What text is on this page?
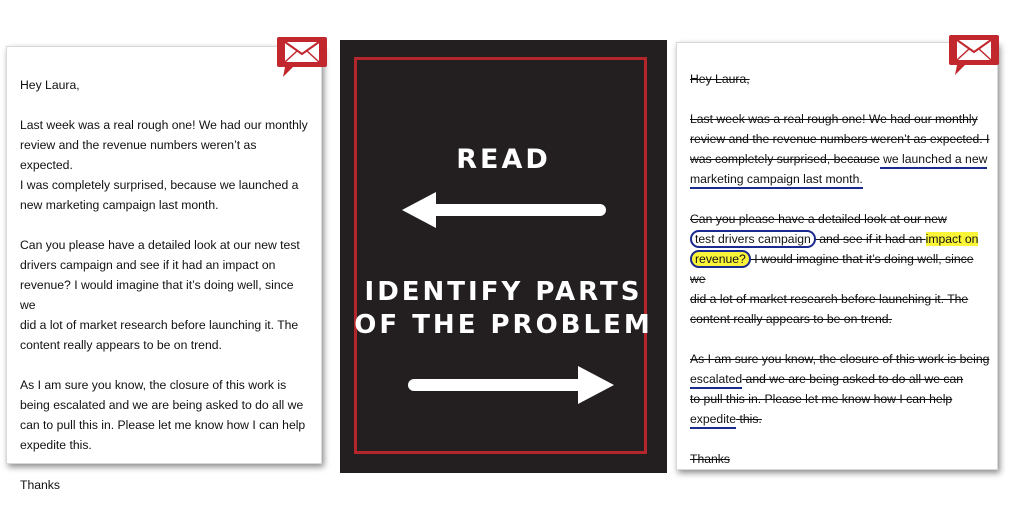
Hey Laura,

Last week was a real rough one! We had our monthly

review and the revenue numbers weren’t as expected.

I was completely surprised, because we launched a

new marketing campaign last month.

Can you please have a detailed look at our new test

drivers campaign and see if it had an impact on

revenue? I would imagine that it’s doing well, since we

did a lot of market research before launching it. The

content really appears to be on trend.

As I am sure you know, the closure of this work is

being escalated and we are being asked to do all we

can to pull this in. Please let me know how I can help

expedite this.

Thanks

READ
IDENTIFY PARTS
OF THE PROBLEM

Hey Laura,

Last week was a real rough one! We had our monthly

review and the revenue numbers weren’t as expected. I

was completely surprised, because we launched a new

marketing campaign last month.

Can you please have a detailed look at our new

test drivers campaign and see if it had an impact on

revenue? I would imagine that it’s doing well, since we

did a lot of market research before launching it. The

content really appears to be on trend.

As I am sure you know, the closure of this work is being

escalated and we are being asked to do all we can

to pull this in. Please let me know how I can help

expedite this.

Thanks
